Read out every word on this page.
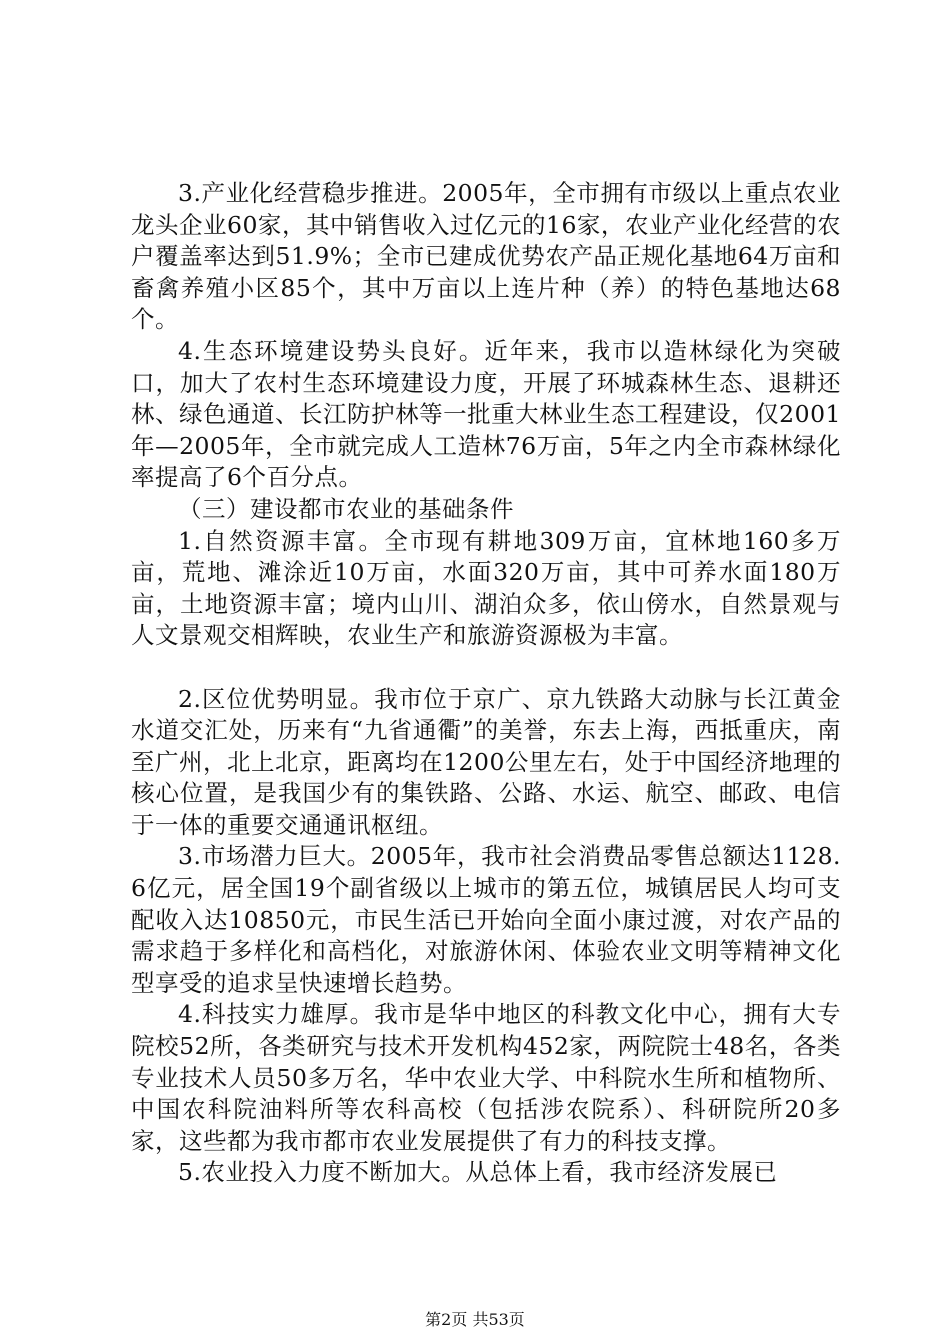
3.产业化经营稳步推进。2005年，全市拥有市级以上重点农业龙头企业60家，其中销售收入过亿元的16家，农业产业化经营的农户覆盖率达到51.9%；全市已建成优势农产品正规化基地64万亩和畜禽养殖小区85个，其中万亩以上连片种（养）的特色基地达68个。

4.生态环境建设势头良好。近年来，我市以造林绿化为突破口，加大了农村生态环境建设力度，开展了环城森林生态、退耕还林、绿色通道、长江防护林等一批重大林业生态工程建设，仅2001年—2005年，全市就完成人工造林76万亩，5年之内全市森林绿化率提高了6个百分点。

（三）建设都市农业的基础条件

1.自然资源丰富。全市现有耕地309万亩，宜林地160多万亩，荒地、滩涂近10万亩，水面320万亩，其中可养水面180万亩，土地资源丰富；境内山川、湖泊众多，依山傍水，自然景观与人文景观交相辉映，农业生产和旅游资源极为丰富。

2.区位优势明显。我市位于京广、京九铁路大动脉与长江黄金水道交汇处，历来有“九省通衢”的美誉，东去上海，西抵重庆，南至广州，北上北京，距离均在1200公里左右，处于中国经济地理的核心位置，是我国少有的集铁路、公路、水运、航空、邮政、电信于一体的重要交通通讯枢纽。

3.市场潜力巨大。2005年，我市社会消费品零售总额达1128.6亿元，居全国19个副省级以上城市的第五位，城镇居民人均可支配收入达10850元，市民生活已开始向全面小康过渡，对农产品的需求趋于多样化和高档化，对旅游休闲、体验农业文明等精神文化型享受的追求呈快速增长趋势。

4.科技实力雄厚。我市是华中地区的科教文化中心，拥有大专院校52所，各类研究与技术开发机构452家，两院院士48名，各类专业技术人员50多万名，华中农业大学、中科院水生所和植物所、中国农科院油料所等农科高校（包括涉农院系）、科研院所20多家，这些都为我市都市农业发展提供了有力的科技支撑。

5.农业投入力度不断加大。从总体上看，我市经济发展已

第2页 共53页
